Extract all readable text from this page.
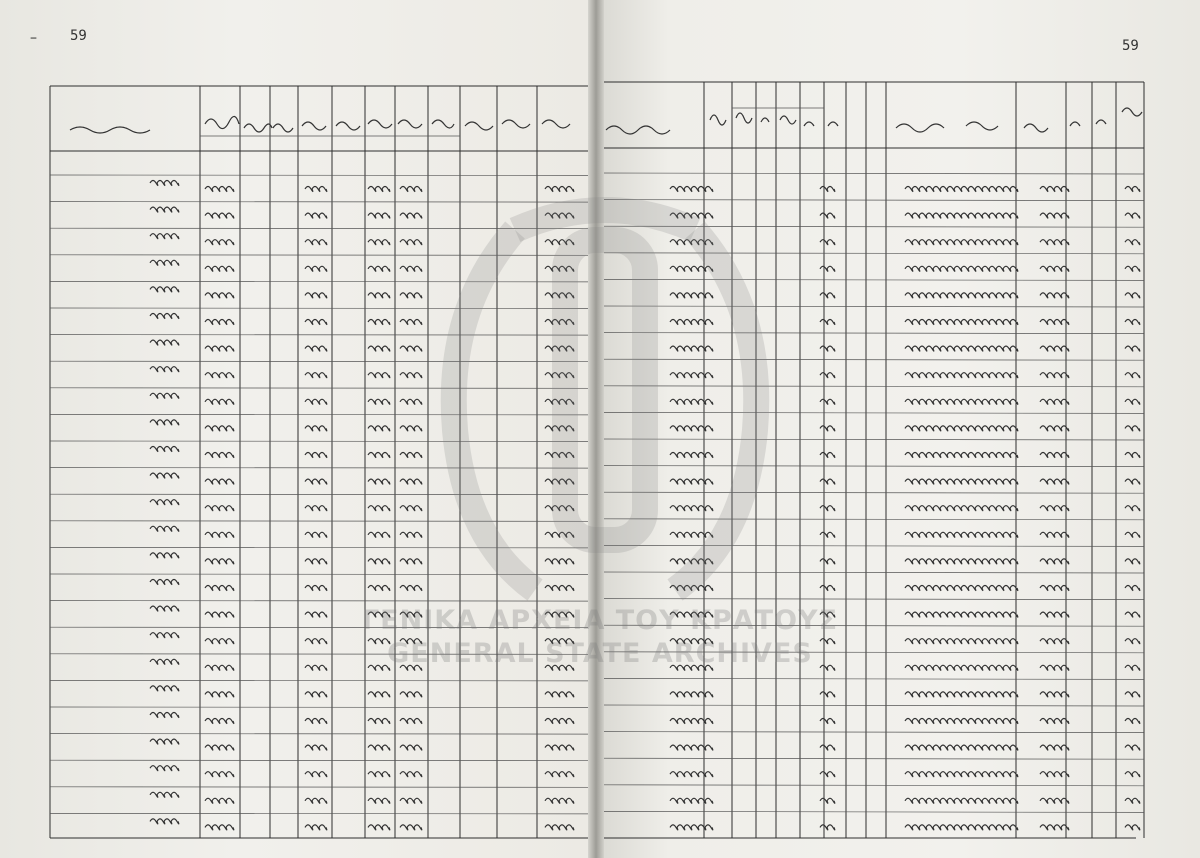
59
–	59
ΓΕΝΙΚΑ ΑΡΧΕΙΑ ΤΟΥ ΚΡΑΤΟΥΣ
GENERAL STATE ARCHIVES
